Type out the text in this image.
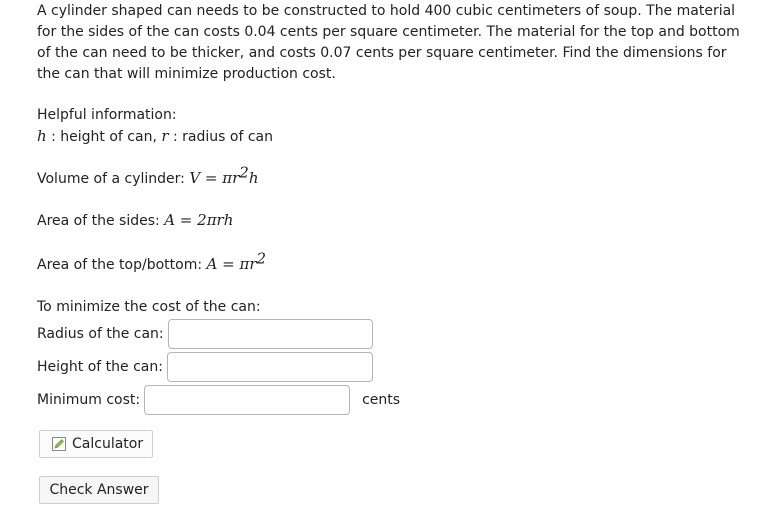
A cylinder shaped can needs to be constructed to hold 400 cubic centimeters of soup. The material for the sides of the can costs 0.04 cents per square centimeter. The material for the top and bottom of the can need to be thicker, and costs 0.07 cents per square centimeter. Find the dimensions for the can that will minimize production cost.
Helpful information:
h : height of can, r : radius of can
Volume of a cylinder: $V = \pi r^2h$
Area of the sides: A = 2πrh
Area of the top/bottom: $A = \pi r^2$
To minimize the cost of the can:
Radius of the can:
Height of the can:
Minimum cost:	cents
Calculator
Check Answer
